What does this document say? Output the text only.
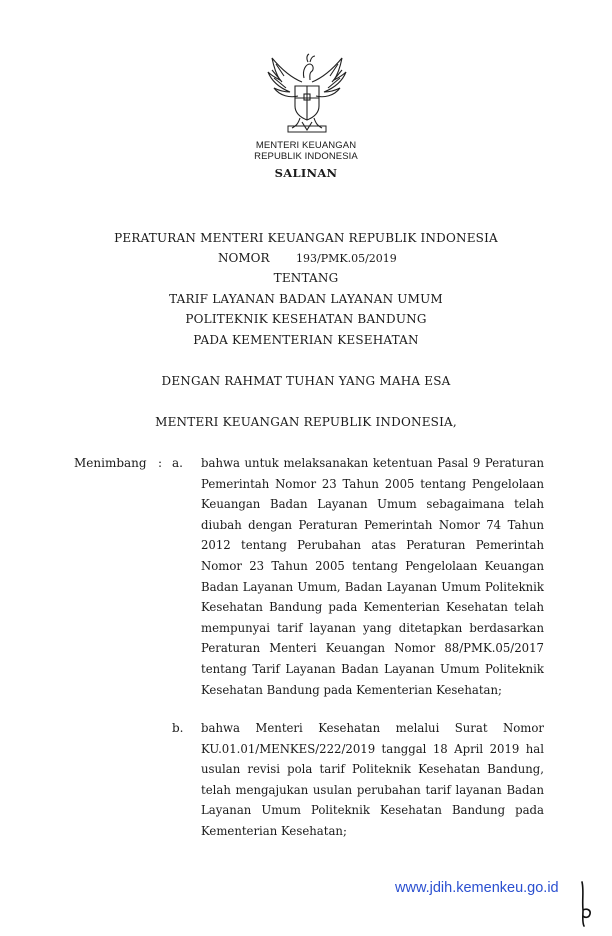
MENTERI KEUANGAN
REPUBLIK INDONESIA
SALINAN
PERATURAN MENTERI KEUANGAN REPUBLIK INDONESIA
NOMOR 193/PMK.05/2019
TENTANG
TARIF LAYANAN BADAN LAYANAN UMUM
POLITEKNIK KESEHATAN BANDUNG
PADA KEMENTERIAN KESEHATAN
DENGAN RAHMAT TUHAN YANG MAHA ESA
MENTERI KEUANGAN REPUBLIK INDONESIA,
Menimbang : a. bahwa untuk melaksanakan ketentuan Pasal 9 Peraturan Pemerintah Nomor 23 Tahun 2005 tentang Pengelolaan Keuangan Badan Layanan Umum sebagaimana telah diubah dengan Peraturan Pemerintah Nomor 74 Tahun 2012 tentang Perubahan atas Peraturan Pemerintah Nomor 23 Tahun 2005 tentang Pengelolaan Keuangan Badan Layanan Umum, Badan Layanan Umum Politeknik Kesehatan Bandung pada Kementerian Kesehatan telah mempunyai tarif layanan yang ditetapkan berdasarkan Peraturan Menteri Keuangan Nomor 88/PMK.05/2017 tentang Tarif Layanan Badan Layanan Umum Politeknik Kesehatan Bandung pada Kementerian Kesehatan;
b. bahwa Menteri Kesehatan melalui Surat Nomor KU.01.01/MENKES/222/2019 tanggal 18 April 2019 hal usulan revisi pola tarif Politeknik Kesehatan Bandung, telah mengajukan usulan perubahan tarif layanan Badan Layanan Umum Politeknik Kesehatan Bandung pada Kementerian Kesehatan;
www.jdih.kemenkeu.go.id
